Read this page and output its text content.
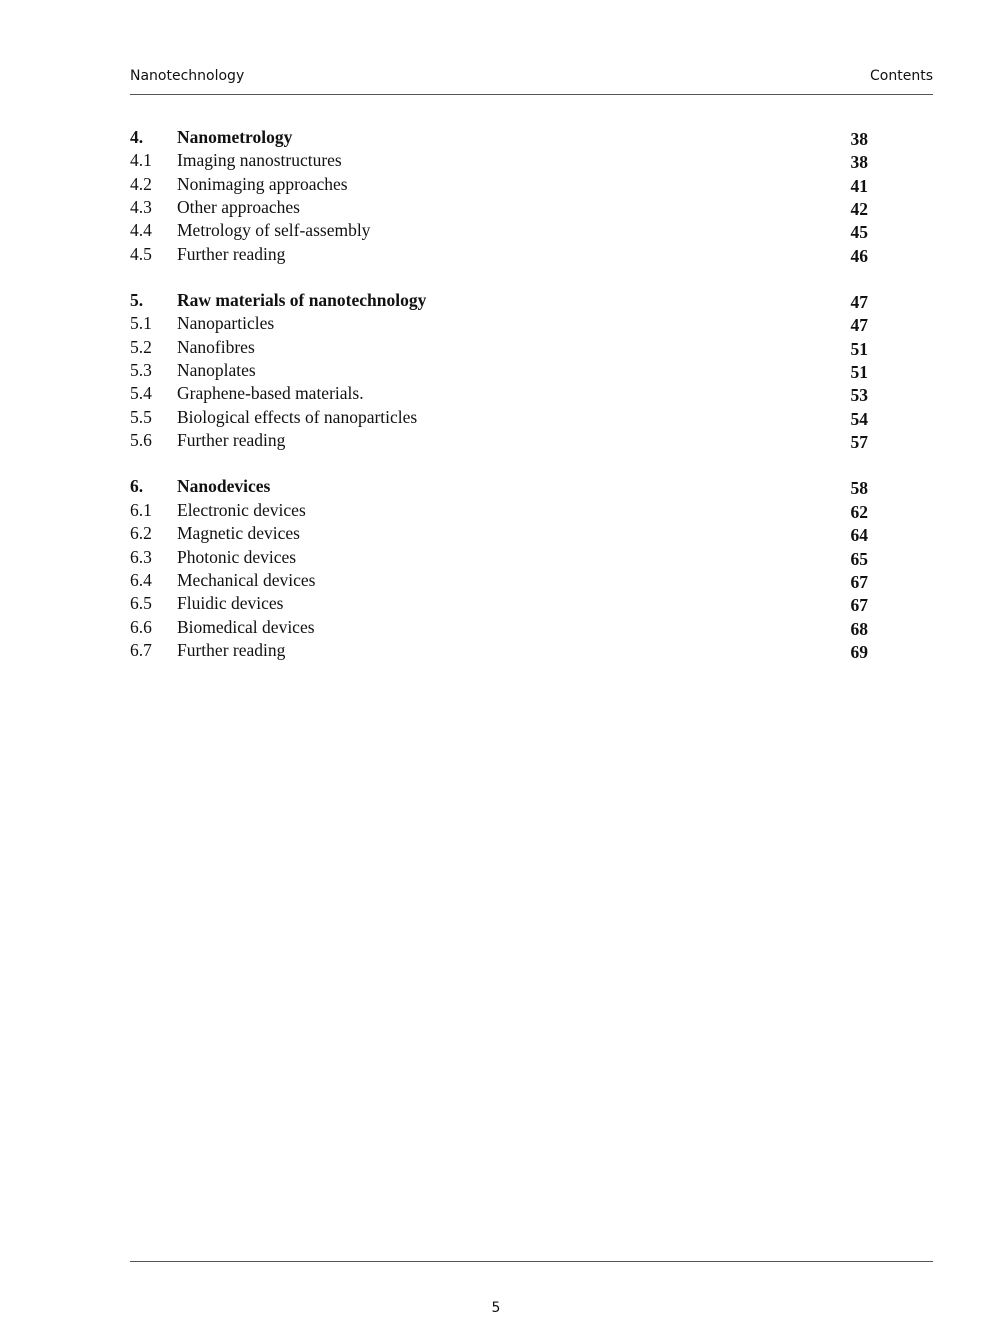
Nanotechnology	Contents
4. Nanometrology	38
4.1 Imaging nanostructures	38
4.2 Nonimaging approaches	41
4.3 Other approaches	42
4.4 Metrology of self-assembly	45
4.5 Further reading	46
5. Raw materials of nanotechnology	47
5.1 Nanoparticles	47
5.2 Nanofibres	51
5.3 Nanoplates	51
5.4 Graphene-based materials.	53
5.5 Biological effects of nanoparticles	54
5.6 Further reading	57
6. Nanodevices	58
6.1 Electronic devices	62
6.2 Magnetic devices	64
6.3 Photonic devices	65
6.4 Mechanical devices	67
6.5 Fluidic devices	67
6.6 Biomedical devices	68
6.7 Further reading	69
5
